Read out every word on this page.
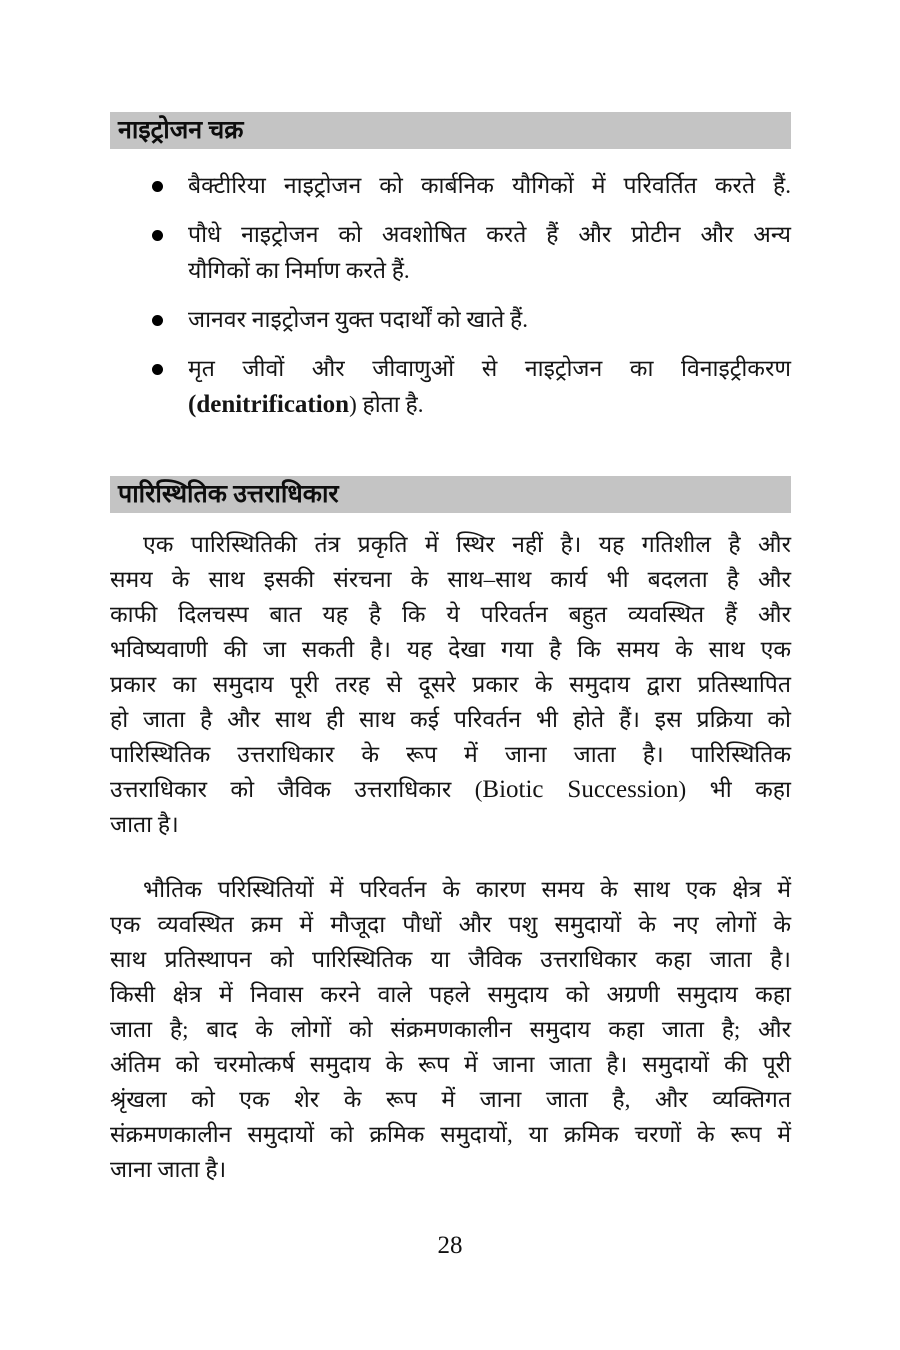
नाइट्रोजन चक्र
बैक्टीरिया नाइट्रोजन को कार्बनिक यौगिकों में परिवर्तित करते हैं.
पौधे नाइट्रोजन को अवशोषित करते हैं और प्रोटीन और अन्य
यौगिकों का निर्माण करते हैं.
जानवर नाइट्रोजन युक्त पदार्थों को खाते हैं.
मृत जीवों और जीवाणुओं से नाइट्रोजन का विनाइट्रीकरण
(denitrification) होता है.
पारिस्थितिक उत्तराधिकार
एक पारिस्थितिकी तंत्र प्रकृति में स्थिर नहीं है। यह गतिशील है और
समय के साथ इसकी संरचना के साथ–साथ कार्य भी बदलता है और
काफी दिलचस्प बात यह है कि ये परिवर्तन बहुत व्यवस्थित हैं और
भविष्यवाणी की जा सकती है। यह देखा गया है कि समय के साथ एक
प्रकार का समुदाय पूरी तरह से दूसरे प्रकार के समुदाय द्वारा प्रतिस्थापित
हो जाता है और साथ ही साथ कई परिवर्तन भी होते हैं। इस प्रक्रिया को
पारिस्थितिक उत्तराधिकार के रूप में जाना जाता है। पारिस्थितिक
उत्तराधिकार को जैविक उत्तराधिकार (Biotic Succession) भी कहा
जाता है।
भौतिक परिस्थितियों में परिवर्तन के कारण समय के साथ एक क्षेत्र में
एक व्यवस्थित क्रम में मौजूदा पौधों और पशु समुदायों के नए लोगों के
साथ प्रतिस्थापन को पारिस्थितिक या जैविक उत्तराधिकार कहा जाता है।
किसी क्षेत्र में निवास करने वाले पहले समुदाय को अग्रणी समुदाय कहा
जाता है; बाद के लोगों को संक्रमणकालीन समुदाय कहा जाता है; और
अंतिम को चरमोत्कर्ष समुदाय के रूप में जाना जाता है। समुदायों की पूरी
श्रृंखला को एक शेर के रूप में जाना जाता है, और व्यक्तिगत
संक्रमणकालीन समुदायों को क्रमिक समुदायों, या क्रमिक चरणों के रूप में
जाना जाता है।
28
